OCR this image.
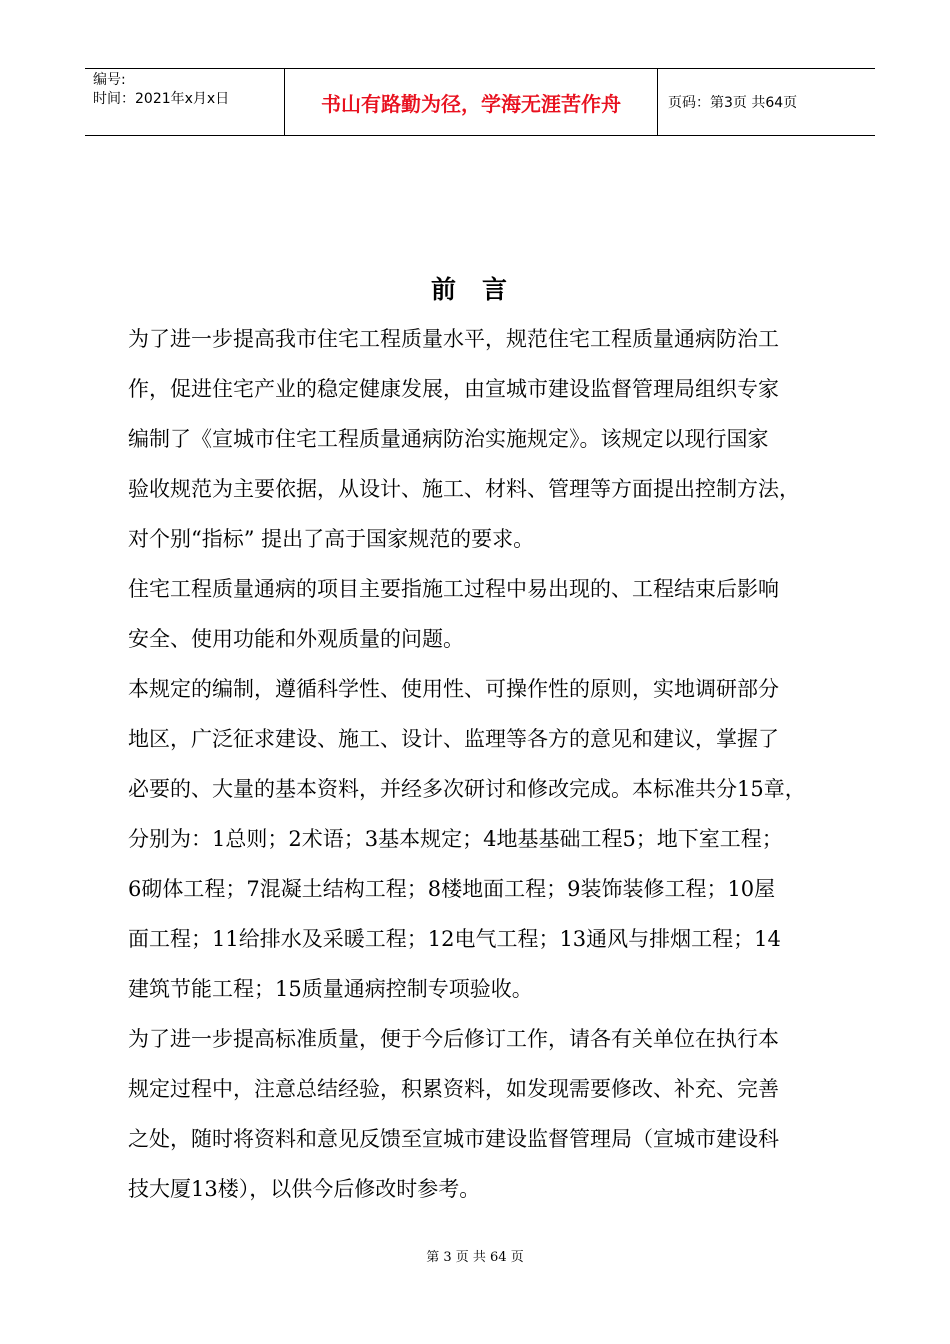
编号:
时间：2021年x月x日	书山有路勤为径，学海无涯苦作舟	页码：第3页 共64页
前言

为了进一步提高我市住宅工程质量水平，规范住宅工程质量通病防治工
作，促进住宅产业的稳定健康发展，由宣城市建设监督管理局组织专家
编制了《宣城市住宅工程质量通病防治实施规定》。该规定以现行国家
验收规范为主要依据，从设计、施工、材料、管理等方面提出控制方法，
对个别“指标” 提出了高于国家规范的要求。

住宅工程质量通病的项目主要指施工过程中易出现的、工程结束后影响
安全、使用功能和外观质量的问题。

本规定的编制，遵循科学性、使用性、可操作性的原则，实地调研部分
地区，广泛征求建设、施工、设计、监理等各方的意见和建议，掌握了
必要的、大量的基本资料，并经多次研讨和修改完成。本标准共分15章，
分别为：1总则；2术语；3基本规定；4地基基础工程5；地下室工程；
6砌体工程；7混凝土结构工程；8楼地面工程；9装饰装修工程；10屋
面工程；11给排水及采暖工程；12电气工程；13通风与排烟工程；14
建筑节能工程；15质量通病控制专项验收。

为了进一步提高标准质量，便于今后修订工作，请各有关单位在执行本
规定过程中，注意总结经验，积累资料，如发现需要修改、补充、完善
之处，随时将资料和意见反馈至宣城市建设监督管理局（宣城市建设科
技大厦13楼），以供今后修改时参考。

第 3 页 共 64 页
